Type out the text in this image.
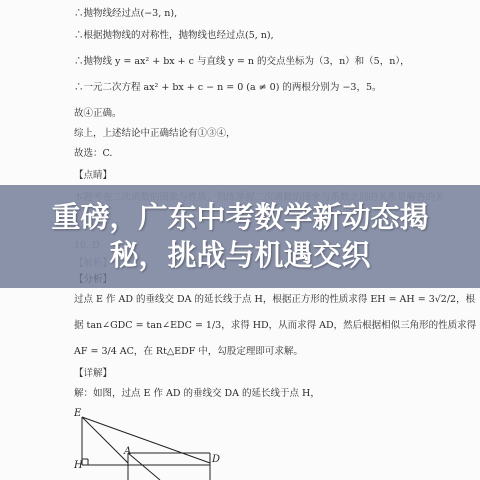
∴抛物线经过点(−3, n),
∴根据抛物线的对称性，抛物线也经过点(5, n),
∴抛物线 y = ax² + bx + c 与直线 y = n 的交点坐标为（3，n）和（5，n），
∴一元二次方程 ax² + bx + c − n = 0 (a ≠ 0) 的两根分别为 −3，5。
故④正确。
综上，上述结论中正确结论有①③④，
故选：C.
【点睛】
过点 E 作 AD 的垂线交 DA 的延长线于点 H，根据正方形的性质求得 EH = AH = 3√2/2，根
据 tan∠GDC = tan∠EDC = 1/3，求得 HD，从而求得 AD，然后根据相似三角形的性质求得
AF = 3/4 AC，在 Rt△EDF 中，勾股定理即可求解。
【详解】
解：如图，过点 E 作 AD 的垂线交 DA 的延长线于点 H，
E
A
D
H
重磅，广东中考数学新动态揭
秘，挑战与机遇交织
